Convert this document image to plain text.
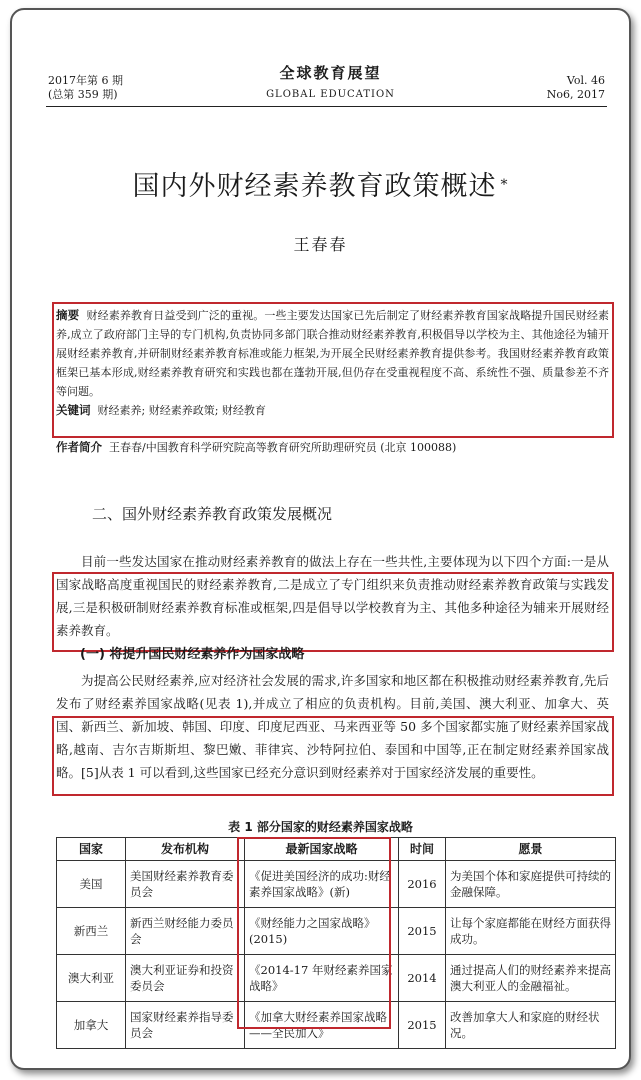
2017年第 6 期
(总第 359 期)
全球教育展望
GLOBAL EDUCATION
Vol. 46
No6, 2017
国内外财经素养教育政策概述 *
王春春
摘要 财经素养教育日益受到广泛的重视。一些主要发达国家已先后制定了财经素养教育国家战略提升国民财经素养,成立了政府部门主导的专门机构,负责协同多部门联合推动财经素养教育,积极倡导以学校为主、其他途径为辅开展财经素养教育,并研制财经素养教育标准或能力框架,为开展全民财经素养教育提供参考。我国财经素养教育政策框架已基本形成,财经素养教育研究和实践也都在蓬勃开展,但仍存在受重视程度不高、系统性不强、质量参差不齐等问题。
关键词 财经素养; 财经素养政策; 财经教育
作者简介 王春春/中国教育科学研究院高等教育研究所助理研究员 (北京 100088)
二、国外财经素养教育政策发展概况
目前一些发达国家在推动财经素养教育的做法上存在一些共性,主要体现为以下四个方面:一是从国家战略高度重视国民的财经素养教育,二是成立了专门组织来负责推动财经素养教育政策与实践发展,三是积极研制财经素养教育标准或框架,四是倡导以学校教育为主、其他多种途径为辅来开展财经素养教育。
(一) 将提升国民财经素养作为国家战略
为提高公民财经素养,应对经济社会发展的需求,许多国家和地区都在积极推动财经素养教育,先后发布了财经素养国家战略(见表 1),并成立了相应的负责机构。目前,美国、澳大利亚、加拿大、英国、新西兰、新加坡、韩国、印度、印度尼西亚、马来西亚等 50 多个国家都实施了财经素养国家战略,越南、吉尔吉斯斯坦、黎巴嫩、菲律宾、沙特阿拉伯、泰国和中国等,正在制定财经素养国家战略。[5]从表 1 可以看到,这些国家已经充分意识到财经素养对于国家经济发展的重要性。
表 1 部分国家的财经素养国家战略
国家	发布机构	最新国家战略	时间	愿景
美国	美国财经素养教育委员会	《促进美国经济的成功:财经素养国家战略》(新)	2016	为美国个体和家庭提供可持续的金融保障。
新西兰	新西兰财经能力委员会	《财经能力之国家战略》(2015)	2015	让每个家庭都能在财经方面获得成功。
澳大利亚	澳大利亚证券和投资委员会	《2014-17 年财经素养国家战略》	2014	通过提高人们的财经素养来提高澳大利亚人的金融福祉。
加拿大	国家财经素养指导委员会	《加拿大财经素养国家战略——全民加入》	2015	改善加拿大人和家庭的财经状况。
